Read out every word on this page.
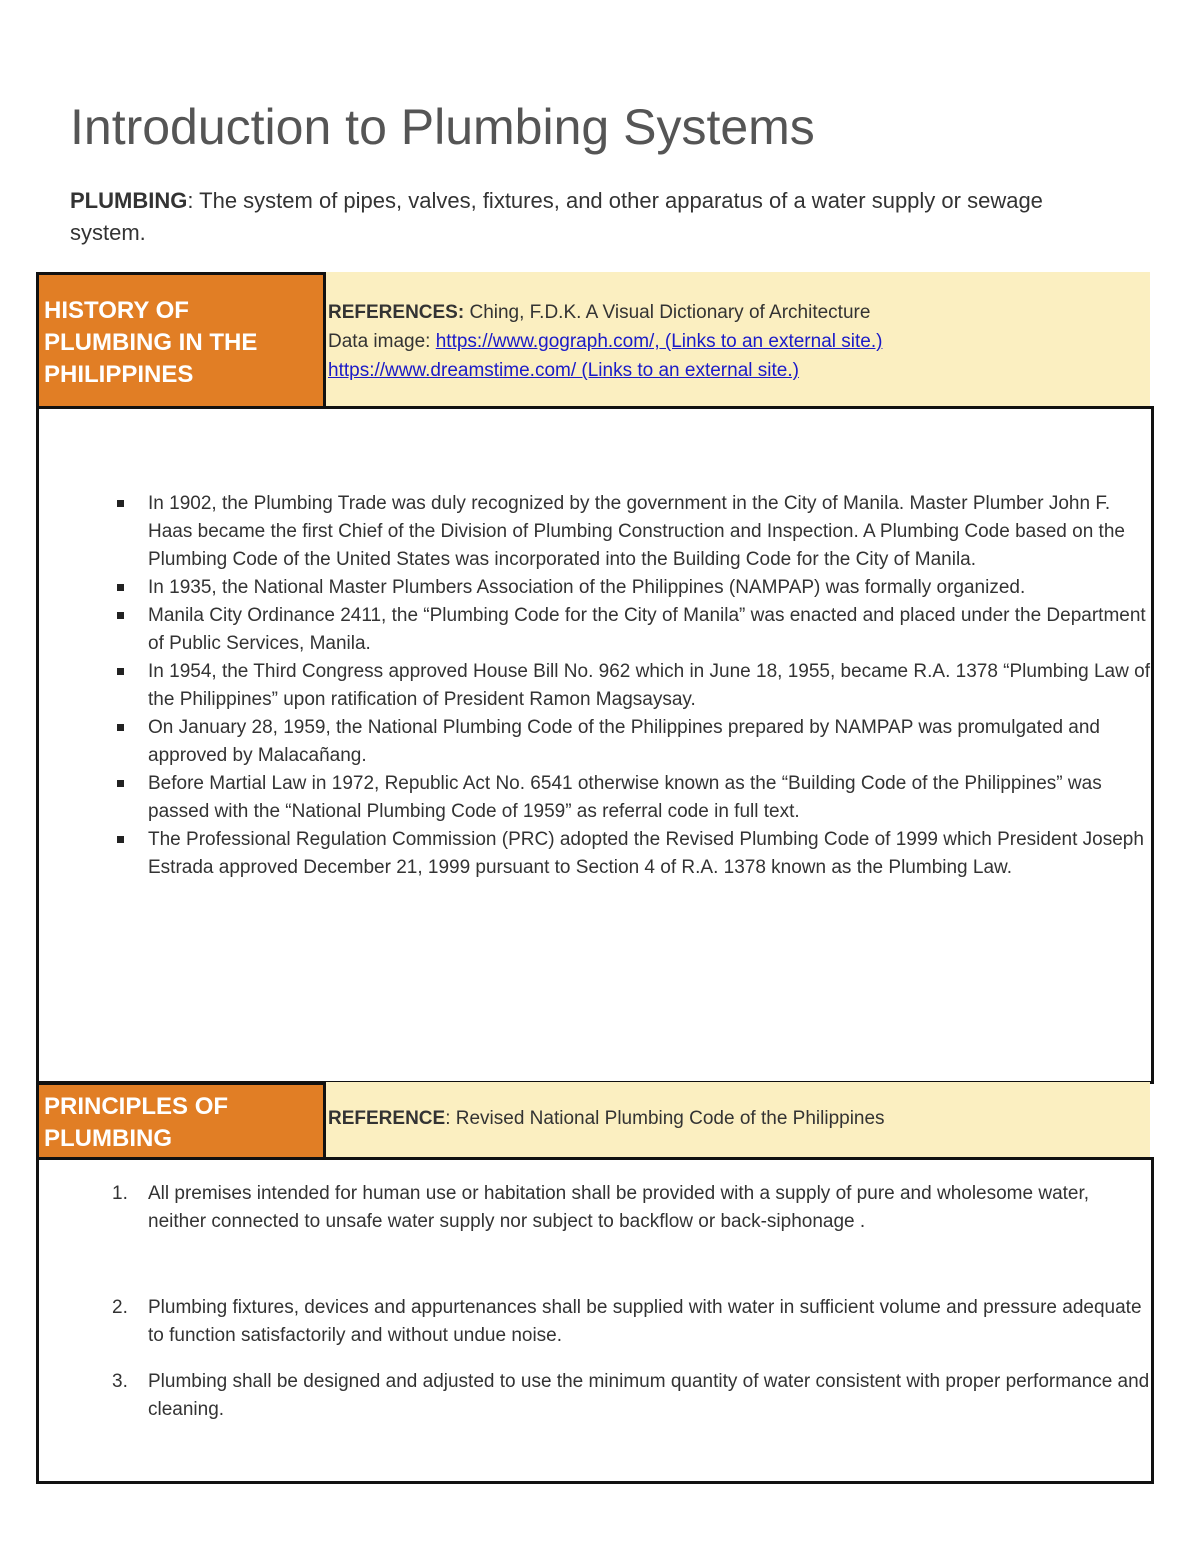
Introduction to Plumbing Systems
PLUMBING: The system of pipes, valves, fixtures, and other apparatus of a water supply or sewage system.
HISTORY OF PLUMBING IN THE PHILIPPINES
REFERENCES: Ching, F.D.K. A Visual Dictionary of Architecture
Data image: https://www.gograph.com/, (Links to an external site.) https://www.dreamstime.com/ (Links to an external site.)
In 1902, the Plumbing Trade was duly recognized by the government in the City of Manila. Master Plumber John F. Haas became the first Chief of the Division of Plumbing Construction and Inspection. A Plumbing Code based on the Plumbing Code of the United States was incorporated into the Building Code for the City of Manila.
In 1935, the National Master Plumbers Association of the Philippines (NAMPAP) was formally organized.
Manila City Ordinance 2411, the “Plumbing Code for the City of Manila” was enacted and placed under the Department of Public Services, Manila.
In 1954, the Third Congress approved House Bill No. 962 which in June 18, 1955, became R.A. 1378 “Plumbing Law of the Philippines” upon ratification of President Ramon Magsaysay.
On January 28, 1959, the National Plumbing Code of the Philippines prepared by NAMPAP was promulgated and approved by Malacañang.
Before Martial Law in 1972, Republic Act No. 6541 otherwise known as the “Building Code of the Philippines” was passed with the “National Plumbing Code of 1959” as referral code in full text.
The Professional Regulation Commission (PRC) adopted the Revised Plumbing Code of 1999 which President Joseph Estrada approved December 21, 1999 pursuant to Section 4 of R.A. 1378 known as the Plumbing Law.
PRINCIPLES OF PLUMBING
REFERENCE: Revised National Plumbing Code of the Philippines
1. All premises intended for human use or habitation shall be provided with a supply of pure and wholesome water, neither connected to unsafe water supply nor subject to backflow or back-siphonage .
2. Plumbing fixtures, devices and appurtenances shall be supplied with water in sufficient volume and pressure adequate to function satisfactorily and without undue noise.
3. Plumbing shall be designed and adjusted to use the minimum quantity of water consistent with proper performance and cleaning.
